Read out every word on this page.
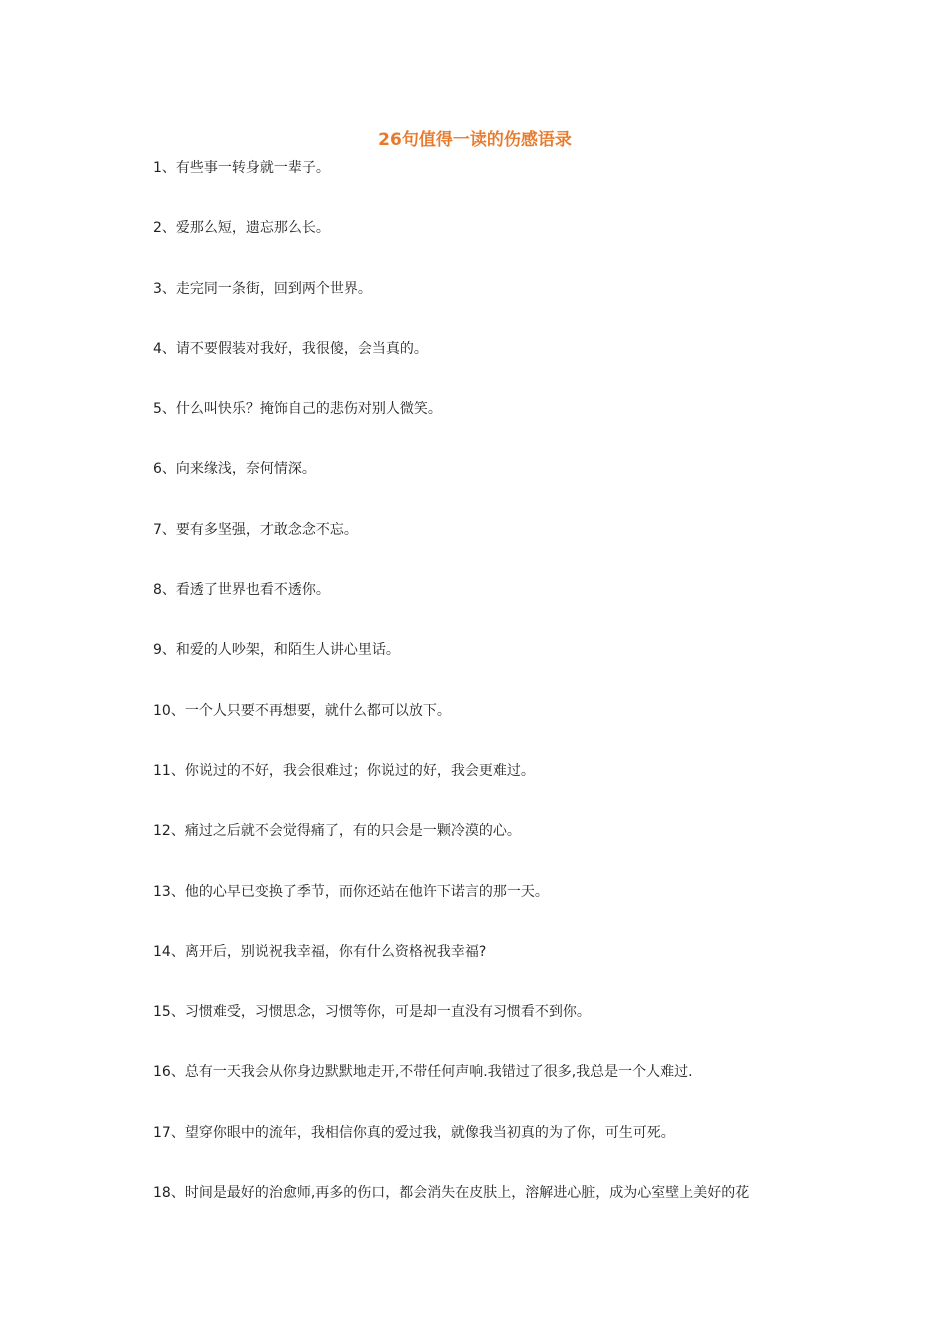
26句值得一读的伤感语录
1、有些事一转身就一辈子。
2、爱那么短，遗忘那么长。
3、走完同一条街，回到两个世界。
4、请不要假装对我好，我很傻，会当真的。
5、什么叫快乐？掩饰自己的悲伤对别人微笑。
6、向来缘浅，奈何情深。
7、要有多坚强，才敢念念不忘。
8、看透了世界也看不透你。
9、和爱的人吵架，和陌生人讲心里话。
10、一个人只要不再想要，就什么都可以放下。
11、你说过的不好，我会很难过；你说过的好，我会更难过。
12、痛过之后就不会觉得痛了，有的只会是一颗冷漠的心。
13、他的心早已变换了季节，而你还站在他许下诺言的那一天。
14、离开后，别说祝我幸福，你有什么资格祝我幸福?
15、习惯难受，习惯思念，习惯等你，可是却一直没有习惯看不到你。
16、总有一天我会从你身边默默地走开,不带任何声响.我错过了很多,我总是一个人难过.
17、望穿你眼中的流年，我相信你真的爱过我，就像我当初真的为了你，可生可死。
18、时间是最好的治愈师,再多的伤口，都会消失在皮肤上，溶解进心脏，成为心室壁上美好的花
